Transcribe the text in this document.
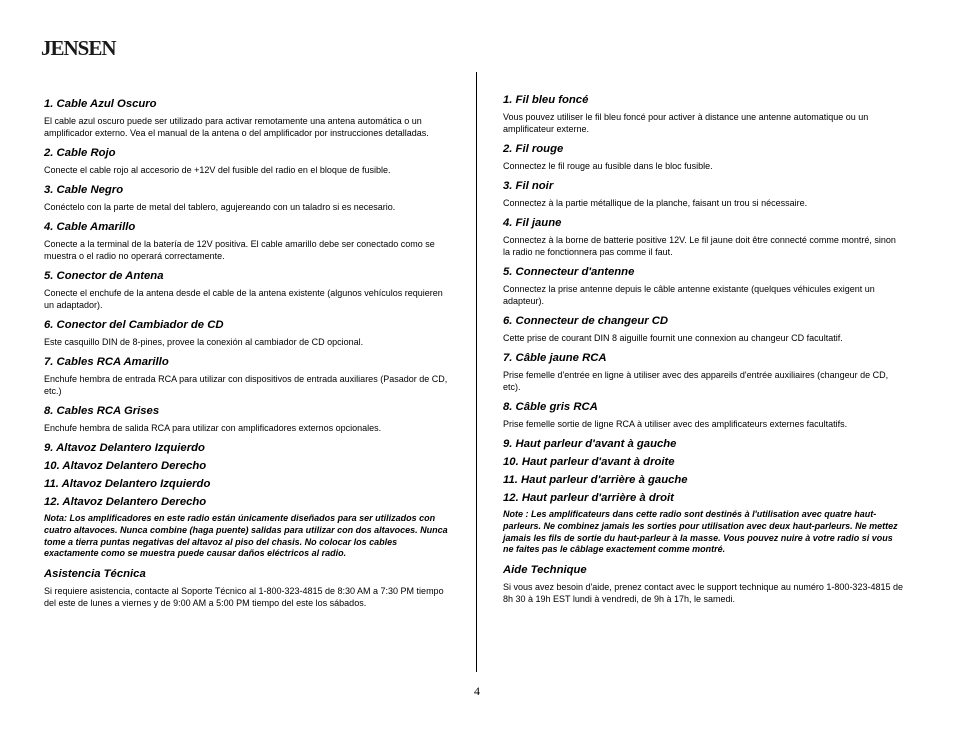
JENSEN
1. Cable Azul Oscuro
El cable azul oscuro puede ser utilizado para activar remotamente una antena automática o un amplificador externo. Vea el manual de la antena o del amplificador por instrucciones detalladas.
2. Cable Rojo
Conecte el cable rojo al accesorio de +12V del fusible del radio en el bloque de fusible.
3. Cable Negro
Conéctelo con la parte de metal del tablero, agujereando con un taladro si es necesario.
4. Cable Amarillo
Conecte a la terminal de la batería de 12V positiva. El cable amarillo debe ser conectado como se muestra o el radio no operará correctamente.
5. Conector de Antena
Conecte el enchufe de la antena desde el cable de la antena existente (algunos vehículos requieren un adaptador).
6. Conector del Cambiador de CD
Este casquillo DIN de 8-pines, provee la conexión al cambiador de CD opcional.
7. Cables RCA Amarillo
Enchufe hembra de entrada RCA para utilizar con dispositivos de entrada auxiliares (Pasador de CD, etc.)
8. Cables RCA Grises
Enchufe hembra de salida RCA para utilizar con amplificadores externos opcionales.
9. Altavoz Delantero Izquierdo
10. Altavoz Delantero Derecho
11. Altavoz Delantero Izquierdo
12. Altavoz Delantero Derecho
Nota: Los amplificadores en este radio están únicamente diseñados para ser utilizados con cuatro altavoces. Nunca combine (haga puente) salidas para utilizar con dos altavoces. Nunca tome a tierra puntas negativas del altavoz al piso del chasis. No colocar los cables exactamente como se muestra puede causar daños eléctricos al radio.
Asistencia Técnica
Si requiere asistencia, contacte al Soporte Técnico al 1-800-323-4815 de 8:30 AM a 7:30 PM tiempo del este de lunes a viernes y de 9:00 AM a 5:00 PM tiempo del este los sábados.
1. Fil bleu foncé
Vous pouvez utiliser le fil bleu foncé pour activer à distance une antenne automatique ou un amplificateur externe.
2. Fil rouge
Connectez le fil rouge au fusible dans le bloc fusible.
3. Fil noir
Connectez à la partie métallique de la planche, faisant un trou si nécessaire.
4. Fil jaune
Connectez à la borne de batterie positive 12V. Le fil jaune doit être connecté comme montré, sinon la radio ne fonctionnera pas comme il faut.
5. Connecteur d'antenne
Connectez la prise antenne depuis le câble antenne existante (quelques véhicules exigent un adapteur).
6. Connecteur de changeur CD
Cette prise de courant DIN 8 aiguille fournit une connexion au changeur CD facultatif.
7. Câble jaune RCA
Prise femelle d'entrée en ligne à utiliser avec des appareils d'entrée auxiliaires (changeur de CD, etc).
8. Câble gris RCA
Prise femelle sortie de ligne RCA à utiliser avec des amplificateurs externes facultatifs.
9. Haut parleur d'avant à gauche
10. Haut parleur d'avant à droite
11. Haut parleur d'arrière à gauche
12. Haut parleur d'arrière à droit
Note : Les amplificateurs dans cette radio sont destinés à l'utilisation avec quatre haut-parleurs. Ne combinez jamais les sorties pour utilisation avec deux haut-parleurs. Ne mettez jamais les fils de sortie du haut-parleur à la masse. Vous pouvez nuire à votre radio si vous ne faites pas le câblage exactement comme montré.
Aide Technique
Si vous avez besoin d'aide, prenez contact avec le support technique au numéro 1-800-323-4815 de 8h 30 à 19h EST lundi à vendredi, de 9h à 17h, le samedi.
4
